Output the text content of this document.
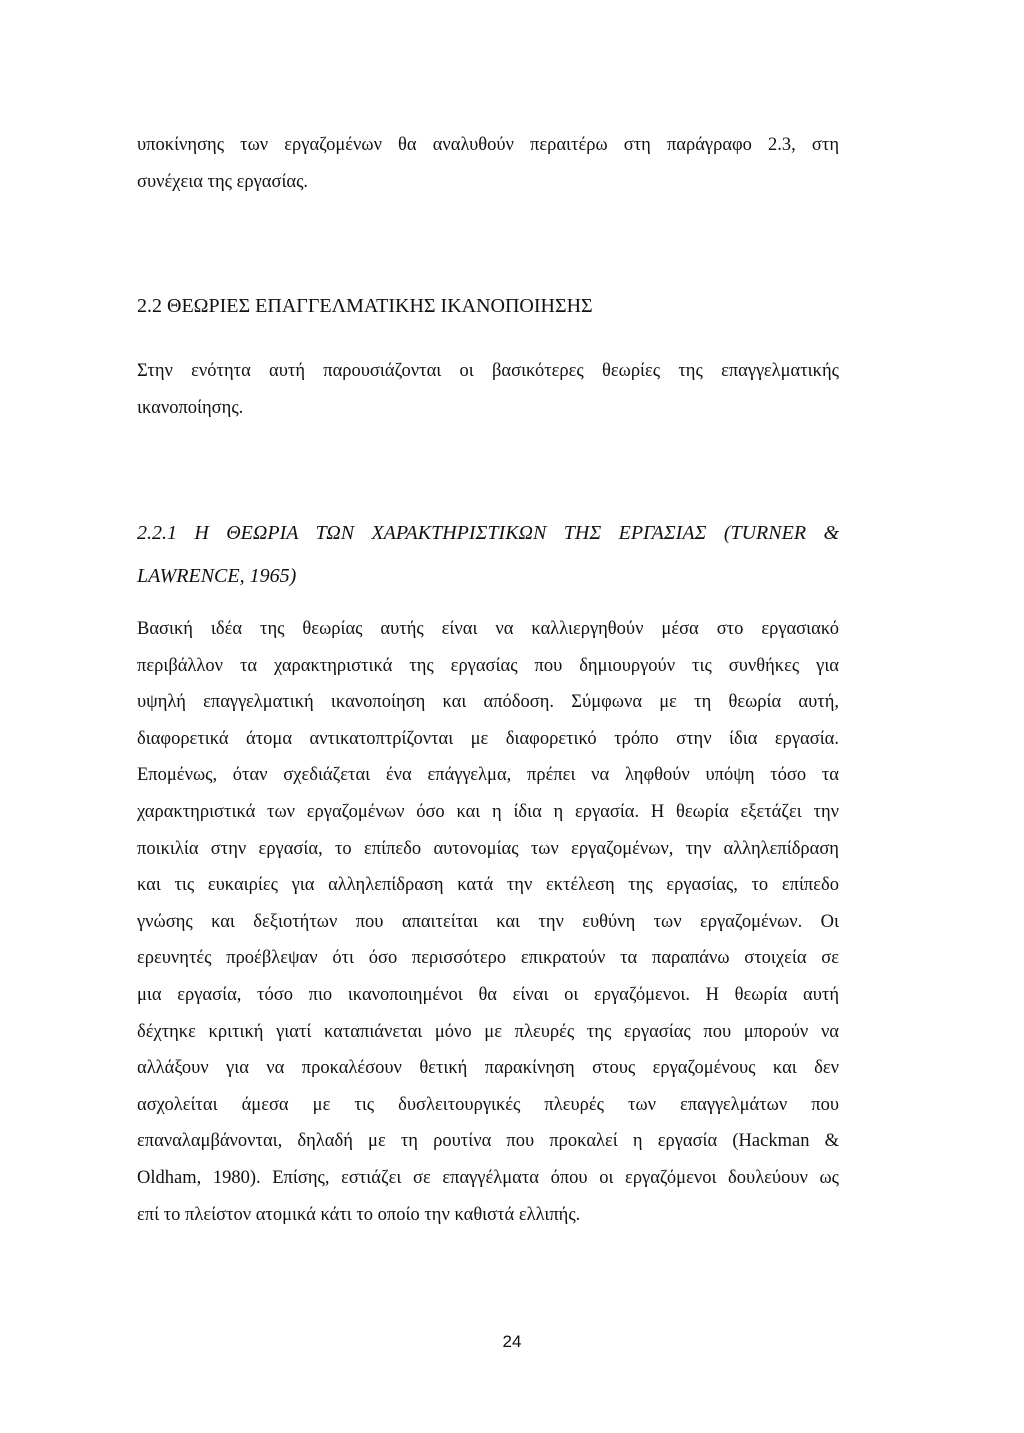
υποκίνησης των εργαζομένων θα αναλυθούν περαιτέρω στη παράγραφο 2.3, στη
συνέχεια της εργασίας.
2.2 ΘΕΩΡΙΕΣ ΕΠΑΓΓΕΛΜΑΤΙΚΗΣ ΙΚΑΝΟΠΟΙΗΣΗΣ
Στην ενότητα αυτή παρουσιάζονται οι βασικότερες θεωρίες της επαγγελματικής
ικανοποίησης.
2.2.1 Η ΘΕΩΡΙΑ ΤΩΝ ΧΑΡΑΚΤΗΡΙΣΤΙΚΩΝ ΤΗΣ ΕΡΓΑΣΙΑΣ (TURNER &
LAWRENCE, 1965)
Βασική ιδέα της θεωρίας αυτής είναι να καλλιεργηθούν μέσα στο εργασιακό
περιβάλλον τα χαρακτηριστικά της εργασίας που δημιουργούν τις συνθήκες για
υψηλή επαγγελματική ικανοποίηση και απόδοση. Σύμφωνα με τη θεωρία αυτή,
διαφορετικά άτομα αντικατοπτρίζονται με διαφορετικό τρόπο στην ίδια εργασία.
Επομένως, όταν σχεδιάζεται ένα επάγγελμα, πρέπει να ληφθούν υπόψη τόσο τα
χαρακτηριστικά των εργαζομένων όσο και η ίδια η εργασία. Η θεωρία εξετάζει την
ποικιλία στην εργασία, το επίπεδο αυτονομίας των εργαζομένων, την αλληλεπίδραση
και τις ευκαιρίες για αλληλεπίδραση κατά την εκτέλεση της εργασίας, το επίπεδο
γνώσης και δεξιοτήτων που απαιτείται και την ευθύνη των εργαζομένων. Οι
ερευνητές προέβλεψαν ότι όσο περισσότερο επικρατούν τα παραπάνω στοιχεία σε
μια εργασία, τόσο πιο ικανοποιημένοι θα είναι οι εργαζόμενοι. Η θεωρία αυτή
δέχτηκε κριτική γιατί καταπιάνεται μόνο με πλευρές της εργασίας που μπορούν να
αλλάξουν για να προκαλέσουν θετική παρακίνηση στους εργαζομένους και δεν
ασχολείται άμεσα με τις δυσλειτουργικές πλευρές των επαγγελμάτων που
επαναλαμβάνονται, δηλαδή με τη ρουτίνα που προκαλεί η εργασία (Hackman &
Oldham, 1980). Επίσης, εστιάζει σε επαγγέλματα όπου οι εργαζόμενοι δουλεύουν ως
επί το πλείστον ατομικά κάτι το οποίο την καθιστά ελλιπής.
24
